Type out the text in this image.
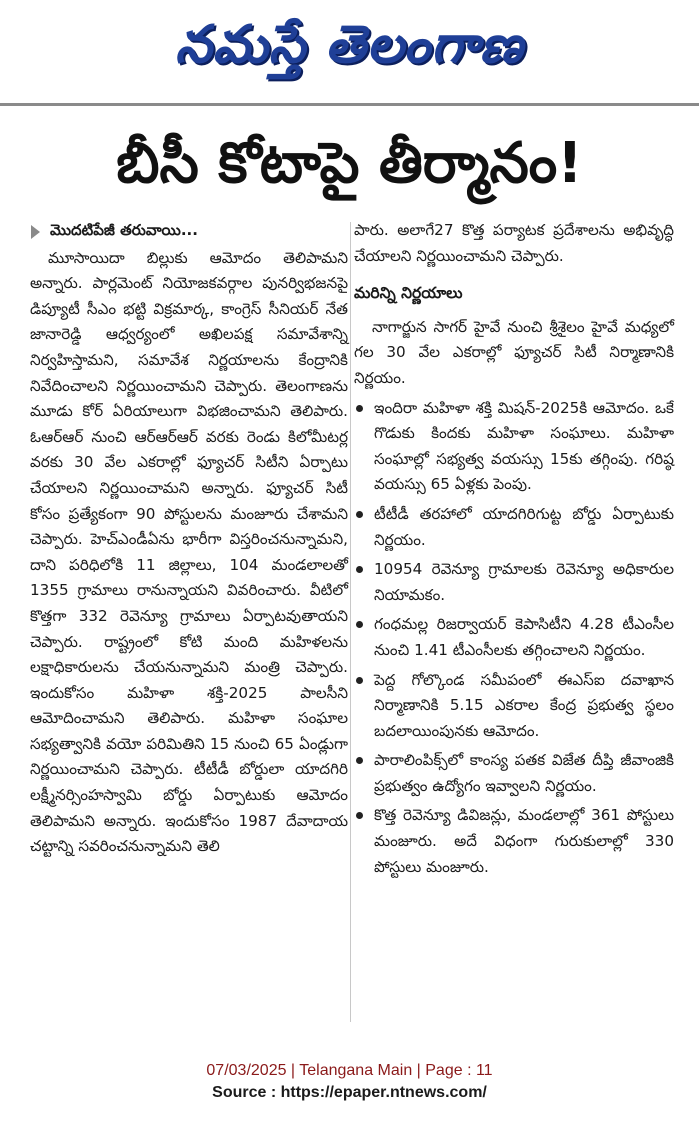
నమస్తే తెలంగాణ
బీసీ కోటాపై తీర్మానం!
మొదటిపేజీ తరువాయి...

మూసాయిదా బిల్లుకు ఆమోదం తెలిపామని అన్నారు. పార్లమెంట్ నియోజకవర్గాల పునర్విభజనపై డిప్యూటీ సీఎం భట్టి విక్రమార్క, కాంగ్రెస్ సీనియర్ నేత జానారెడ్డి ఆధ్వర్యంలో అఖిలపక్ష సమావేశాన్ని నిర్వహిస్తామని, సమావేశ నిర్ణయాలను కేంద్రానికి నివేదించాలని నిర్ణయించామని చెప్పారు. తెలంగాణను మూడు కోర్ ఏరియాలుగా విభజించామని తెలిపారు. ఓఆర్ఆర్ నుంచి ఆర్ఆర్ఆర్ వరకు రెండు కిలోమీటర్ల వరకు 30 వేల ఎకరాల్లో ఫ్యూచర్ సిటీని ఏర్పాటు చేయాలని నిర్ణయించామని అన్నారు. ఫ్యూచర్ సిటీ కోసం ప్రత్యేకంగా 90 పోస్టులను మంజూరు చేశామని చెప్పారు. హెచ్ఎండీఏను భారీగా విస్తరించనున్నామని, దాని పరిధిలోకి 11 జిల్లాలు, 104 మండలాలతో 1355 గ్రామాలు రానున్నాయని వివరించారు. వీటిలో కొత్తగా 332 రెవెన్యూ గ్రామాలు ఏర్పాటవుతాయని చెప్పారు. రాష్ట్రంలో కోటి మంది మహిళలను లక్షాధికారులను చేయనున్నామని మంత్రి చెప్పారు. ఇందుకోసం మహిళా శక్తి-2025 పాలసీని ఆమోదించామని తెలిపారు. మహిళా సంఘాల సభ్యత్వానికి వయో పరిమితిని 15 నుంచి 65 ఏండ్లుగా నిర్ణయించామని చెప్పారు. టీటీడీ బోర్డులా యాదగిరి లక్ష్మీనర్సింహస్వామి బోర్డు ఏర్పాటుకు ఆమోదం తెలిపామని అన్నారు. ఇందుకోసం 1987 దేవాదాయ చట్టాన్ని సవరించనున్నామని తెలి

పారు. అలాగే27 కొత్త పర్యాటక ప్రదేశాలను అభివృద్ధి చేయాలని నిర్ణయించామని చెప్పారు.

మరిన్ని నిర్ణయాలు

నాగార్జున సాగర్ హైవే నుంచి శ్రీశైలం హైవే మధ్యలో గల 30 వేల ఎకరాల్లో ఫ్యూచర్ సిటీ నిర్మాణానికి నిర్ణయం.

ఇందిరా మహిళా శక్తి మిషన్-2025కి ఆమోదం. ఒకే గొడుకు కిందకు మహిళా సంఘాలు. మహిళా సంఘాల్లో సభ్యత్వ వయస్సు 15కు తగ్గింపు. గరిష్ఠ వయస్సు 65 ఏళ్లకు పెంపు.
టీటీడీ తరహాలో యాదగిరిగుట్ట బోర్డు ఏర్పాటుకు నిర్ణయం.
10954 రెవెన్యూ గ్రామాలకు రెవెన్యూ అధికారుల నియామకం.
గంధమల్ల రిజర్వాయర్ కెపాసిటీని 4.28 టీఎంసీల నుంచి 1.41 టీఎంసీలకు తగ్గించాలని నిర్ణయం.
పెద్ద గోల్కొండ సమీపంలో ఈఎస్ఐ దవాఖాన నిర్మాణానికి 5.15 ఎకరాల కేంద్ర ప్రభుత్వ స్థలం బదలాయింపునకు ఆమోదం.
పారాలింపిక్స్‌లో కాంస్య పతక విజేత దీప్తి జీవాంజికి ప్రభుత్వం ఉద్యోగం ఇవ్వాలని నిర్ణయం.
కొత్త రెవెన్యూ డివిజన్లు, మండలాల్లో 361 పోస్టులు మంజూరు. అదే విధంగా గురుకులాల్లో 330 పోస్టులు మంజూరు.
07/03/2025 | Telangana Main | Page : 11
Source : https://epaper.ntnews.com/
